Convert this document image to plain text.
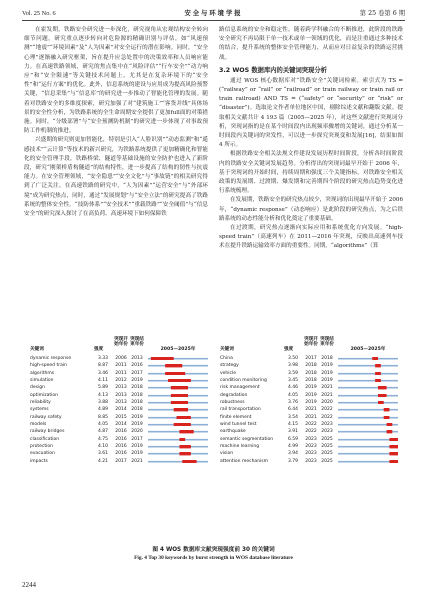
Vol. 25 No. 6	安全与环境学报	第 25 卷第 6 期

在霍发期，铁路安全研究进一步深化，研究视角从宏观结构安全转向细节问题，研究重点逐步转向对危险源的精确识别与评估，如“风速预测”“地震”“环境因素”及“人为因素”对安全运行的潜在影响。同时，“安全心理”逐渐融入研究框架，旨在提升应急处置中的决策效率和人员响应能力。在高速铁路领域，研究的焦点集中在“风险评估”“行车安全”“动力响应”和“安全限速”等关键技术问题上，尤其是在复杂环境下的“安全性”和“运行方案”的优化。此外，信息系统的建设与应用成为提高风险预警关键，“信息采集”与“信息库”的研究进一步推动了智能化管理的发展。随着对铁路安全的多维度探索，研究加强了对“建筑施工”“客货并线”具体场景的安全性分析，为铁路系统的全生命周期安全提供了更加full面的对策措施。同时，“分级部署”与“安全预测防机制”的研究进一步体现了对事故预防工作机制的推进。

兴盛期的研究则更加智能化，特别是引入“人脸识别”“动态监测”和“遥感技术”“云计算”等技术的新兴研究，为铁路系统提供了更加精确化和智能化的安全管理手段。铁路桥梁、隧道等基础设施的安全防护也进入了新阶段，研究“刚架桥盾构隧道”的结构特性，进一步提高了结构的韧性与抗震能力。在安全管理领域，“安全隐患”“安全文化”与“事故链”的相关研究得到了广泛关注。在高速铁路的研究中，“人为因素”“运营安全”与“外部环境”成为研究热点，同时，通过“发展规划”与“安全立法”的研究提高了铁路系统的整体安全性。“技防体系”“安全技术”“重载铁路”“安全阈值”与“信息安全”的研究深入探讨了在高负荷、高速环境下如何保障铁

路信息系统的安全和稳定性。随着跨学科融合的不断推进，此阶段的铁路安全研究不再局限于单一技术或单一领域的优化，而是注重通过多种技术的结合，提升系统的整体安全管理能力，从而应对日益复杂的铁路运营挑战。

3.2 WOS 数据库内的关键词突现分析

通过 WOS 核心数据库对“铁路安全”关键词检索。索引式为 TS = (“railway” or “rail” or “railroad” or train railway or train rail or train railroad) AND TS = (“safety” or “security” or “risk” or “disaster”)。选取论文作者单位地区中国，剔除综述文献和翻版文献。提取相关文献共计 4 193 篇（2005—2025 年），对这些文献进行突现词分析，突现词指的是在某个时间段内出现频率骤增的关键词。通过分析某一时间段内关键词的突发性，可以进一步探究突现变和发展[16]，结果如图 4 所示。

根据铁路安全相关法规文件建设发展历程时间阶段，分析各时间阶段内的铁路安全关键词发展趋势。分析得出的突现词最早开始于 2006 年，基于突现词的开始时间，持续周期和强度三个关键指标，对铁路安全相关政策的发展期、过渡期、爆发期和完善期四个阶段的研究热点趋势变化进行系统梳理。

在发展期，铁路安全的研究热点较少，突现词的出现最早开始于 2006 年，“dynamic response”（动态响应）是此阶段的研究热点，为之后铁路系统的动态性能分析和优化奠定了重要基础。

在过渡期，研究热点逐渐向实际应用和系统优化方向发展。“high-speed train”（高速列车）在 2011—2016 年突现，反映出高速列车技术在提升铁路运输效率方面的重要性。同期，“algorithms”（算

关键词	强度
突现开始年份
突现结束年份
2005—2025年
dynamic response	3.33 2006 2013
high-speed train	8.87 2011 2016
algorithms	3.46 2011 2017
simulation	4.11 2012 2019
design	5.89 2013 2018
optimization	4.13 2013 2018
reliability	3.88 2013 2018
systems	4.89 2014 2018
railway safety	8.85 2015 2019
models	4.05 2014 2019
railway bridges	4.87 2016 2020
classification	4.75 2016 2017
protection	4.10 2016 2019
evacuation	3.61 2016 2019
impacts	4.21 2017 2021
关键词	强度
突现开始年份
突现结束年份
2005—2025年
China	3.50 2017 2018
strategy	3.98 2018 2019
vehicle	3.59 2018 2019
condition monitoring	3.45 2018 2019
risk management	4.46 2019 2021
degradation	4.05 2019 2021
robustness	3.76 2019 2020
rail transportation	6.44 2021 2022
finite element	3.54 2021 2022
wind tunnel test	4.15 2022 2023
earthquake	3.91 2022 2023
semantic segmentation	6.59 2023 2025
machine learning	4.99 2023 2025
vision	3.94 2023 2025
attention mechanism	3.79 2023 2025
图 4 WOS 数据库文献突现强度前 30 的关键词
Fig. 4 Top 30 keywords by burst strength in WOS database literature
2244
